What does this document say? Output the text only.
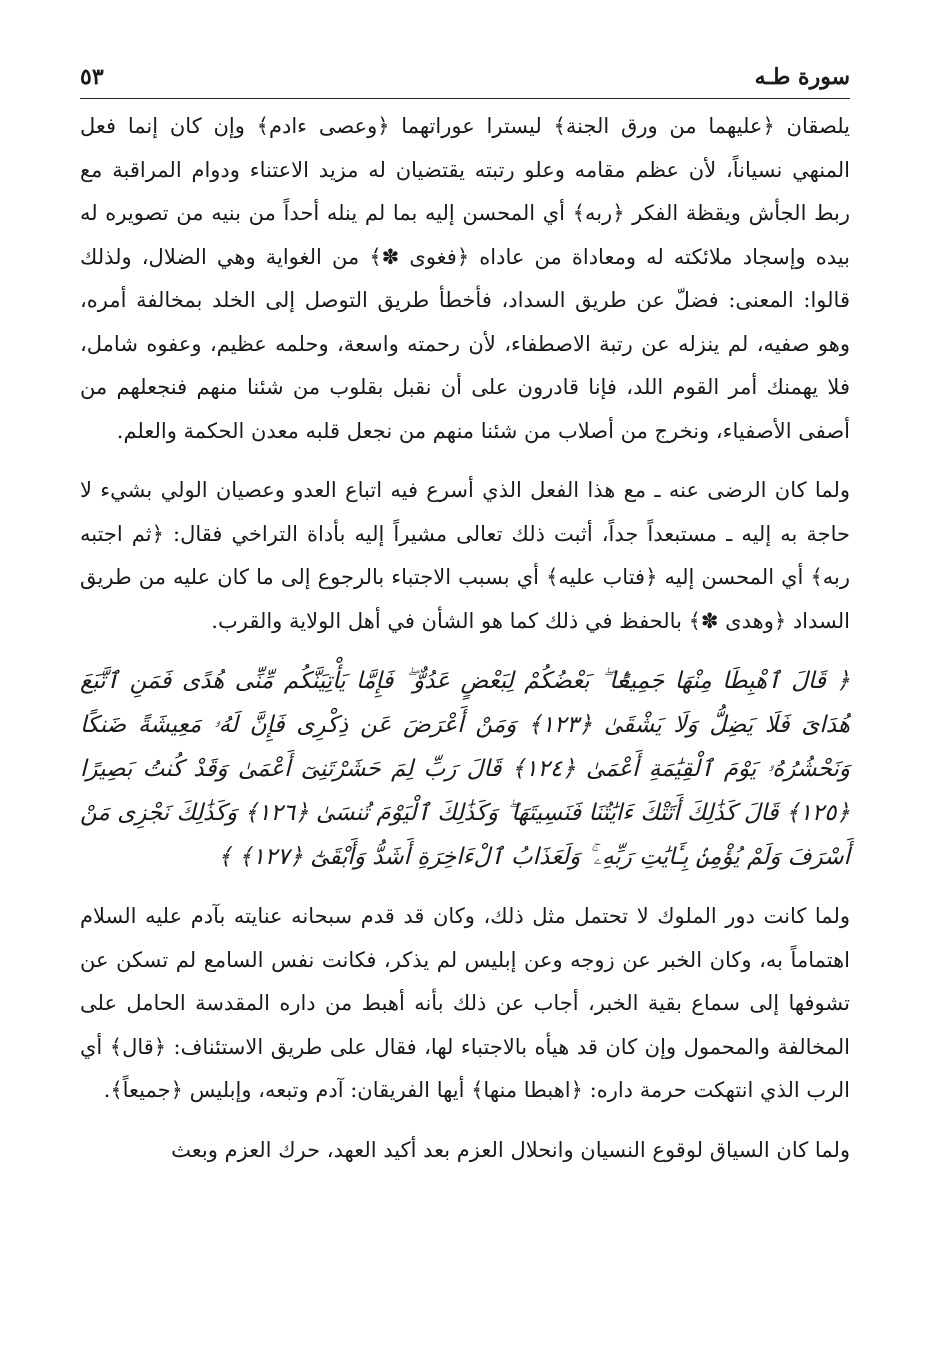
سورة طـه
٥٣

يلصقان ﴿عليهما من ورق الجنة﴾ ليسترا عوراتهما ﴿وعصى ءادم﴾ وإن كان إنما فعل المنهي نسياناً، لأن عظم مقامه وعلو رتبته يقتضيان له مزيد الاعتناء ودوام المراقبة مع ربط الجأش ويقظة الفكر ﴿ربه﴾ أي المحسن إليه بما لم ينله أحداً من بنيه من تصويره له بيده وإسجاد ملائكته له ومعاداة من عاداه ﴿فغوى ✽﴾ من الغواية وهي الضلال، ولذلك قالوا: المعنى: فضلّ عن طريق السداد، فأخطأ طريق التوصل إلى الخلد بمخالفة أمره، وهو صفيه، لم ينزله عن رتبة الاصطفاء، لأن رحمته واسعة، وحلمه عظيم، وعفوه شامل، فلا يهمنك أمر القوم اللد، فإنا قادرون على أن نقبل بقلوب من شئنا منهم فنجعلهم من أصفى الأصفياء، ونخرج من أصلاب من شئنا منهم من نجعل قلبه معدن الحكمة والعلم.

ولما كان الرضى عنه ـ مع هذا الفعل الذي أسرع فيه اتباع العدو وعصيان الولي بشيء لا حاجة به إليه ـ مستبعداً جداً، أثبت ذلك تعالى مشيراً إليه بأداة التراخي فقال: ﴿ثم اجتبه ربه﴾ أي المحسن إليه ﴿فتاب عليه﴾ أي بسبب الاجتباء بالرجوع إلى ما كان عليه من طريق السداد ﴿وهدى ✽﴾ بالحفظ في ذلك كما هو الشأن في أهل الولاية والقرب.

﴿ قَالَ ٱهْبِطَا مِنْهَا جَمِيعًۢا ۖ بَعْضُكُمْ لِبَعْضٍ عَدُوٌّ ۖ فَإِمَّا يَأْتِيَنَّكُم مِّنِّى هُدًى فَمَنِ ٱتَّبَعَ هُدَاىَ فَلَا يَضِلُّ وَلَا يَشْقَىٰ ﴿١٢٣﴾ وَمَنْ أَعْرَضَ عَن ذِكْرِى فَإِنَّ لَهُۥ مَعِيشَةً ضَنكًا وَنَحْشُرُهُۥ يَوْمَ ٱلْقِيَٰمَةِ أَعْمَىٰ ﴿١٢٤﴾ قَالَ رَبِّ لِمَ حَشَرْتَنِىٓ أَعْمَىٰ وَقَدْ كُنتُ بَصِيرًا ﴿١٢٥﴾ قَالَ كَذَٰلِكَ أَتَتْكَ ءَايَٰتُنَا فَنَسِيتَهَا ۖ وَكَذَٰلِكَ ٱلْيَوْمَ تُنسَىٰ ﴿١٢٦﴾ وَكَذَٰلِكَ نَجْزِى مَنْ أَسْرَفَ وَلَمْ يُؤْمِنۢ بِـَٔايَٰتِ رَبِّهِۦ ۚ وَلَعَذَابُ ٱلْءَاخِرَةِ أَشَدُّ وَأَبْقَىٰٓ ﴿١٢٧﴾ ﴾

ولما كانت دور الملوك لا تحتمل مثل ذلك، وكان قد قدم سبحانه عنايته بآدم عليه السلام اهتماماً به، وكان الخبر عن زوجه وعن إبليس لم يذكر، فكانت نفس السامع لم تسكن عن تشوفها إلى سماع بقية الخبر، أجاب عن ذلك بأنه أهبط من داره المقدسة الحامل على المخالفة والمحمول وإن كان قد هيأه بالاجتباء لها، فقال على طريق الاستئناف: ﴿قال﴾ أي الرب الذي انتهكت حرمة داره: ﴿اهبطا منها﴾ أيها الفريقان: آدم وتبعه، وإبليس ﴿جميعاً﴾.

ولما كان السياق لوقوع النسيان وانحلال العزم بعد أكيد العهد، حرك العزم وبعث
